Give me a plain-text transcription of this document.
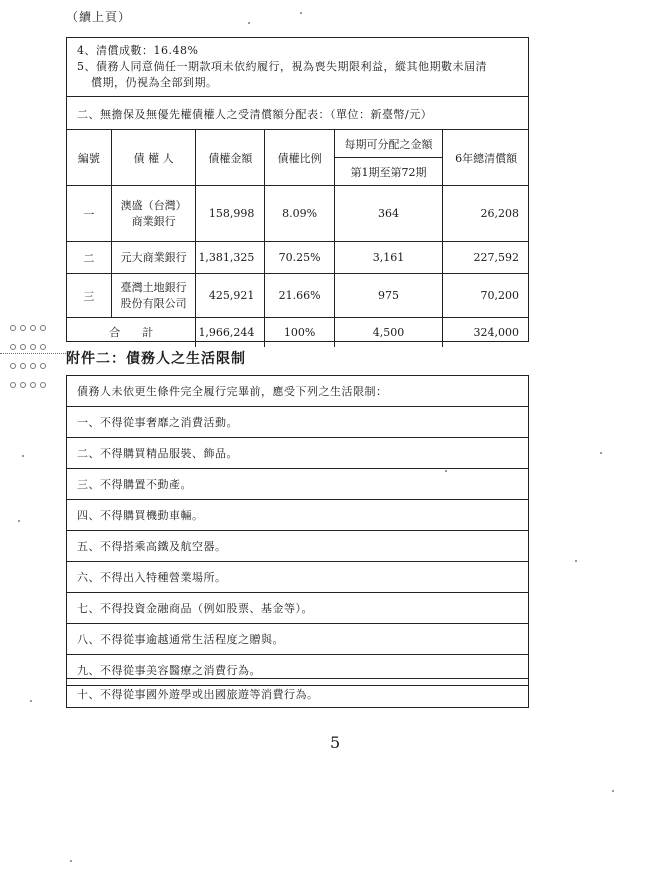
（續上頁）
4、清償成數：16.48%
5、債務人同意倘任一期款項未依約履行，視為喪失期限利益，縱其他期數未屆清
償期，仍視為全部到期。
二、無擔保及無優先權債權人之受清償額分配表：（單位：新臺幣/元）
編號	債 權 人	債權金額	債權比例	每期可分配之金額	6年總清償額
				第1期至第72期	
一	澳盛（台灣）
商業銀行	158,998	8.09%	364	26,208
二	元大商業銀行	1,381,325	70.25%	3,161	227,592
三	臺灣土地銀行
股份有限公司	425,921	21.66%	975	70,200
合　　計		1,966,244	100%	4,500	324,000
附件二：債務人之生活限制
債務人未依更生條件完全履行完畢前，應受下列之生活限制：
一、不得從事奢靡之消費活動。
二、不得購買精品服裝、飾品。
三、不得購置不動產。
四、不得購買機動車輛。
五、不得搭乘高鐵及航空器。
六、不得出入特種營業場所。
七、不得投資金融商品（例如股票、基金等）。
八、不得從事逾越通常生活程度之贈與。
九、不得從事美容醫療之消費行為。
十、不得從事國外遊學或出國旅遊等消費行為。
5
